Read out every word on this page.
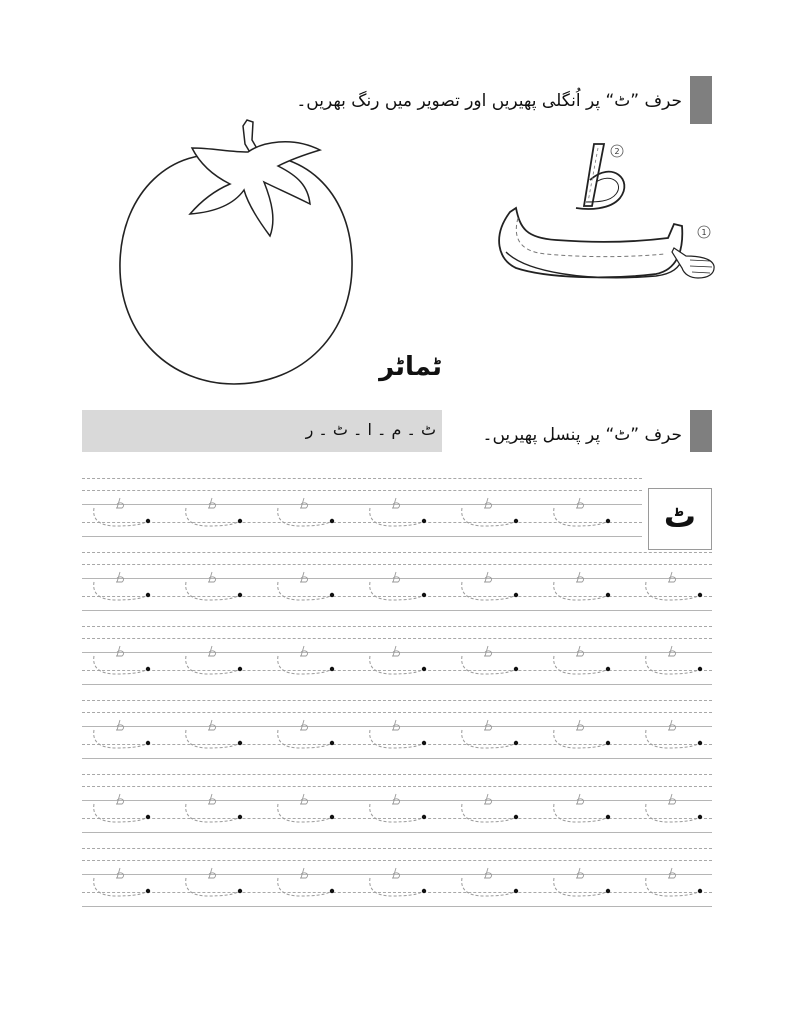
حرف ”ٹ“ پر اُنگلی پھیریں اور تصویر میں رنگ بھریں۔
ٹماٹر
1
2
ٹ ۔ م ۔ ا ۔ ٹ ۔ ر	حرف ”ٹ“ پر پنسل پھیریں۔
ٹ
